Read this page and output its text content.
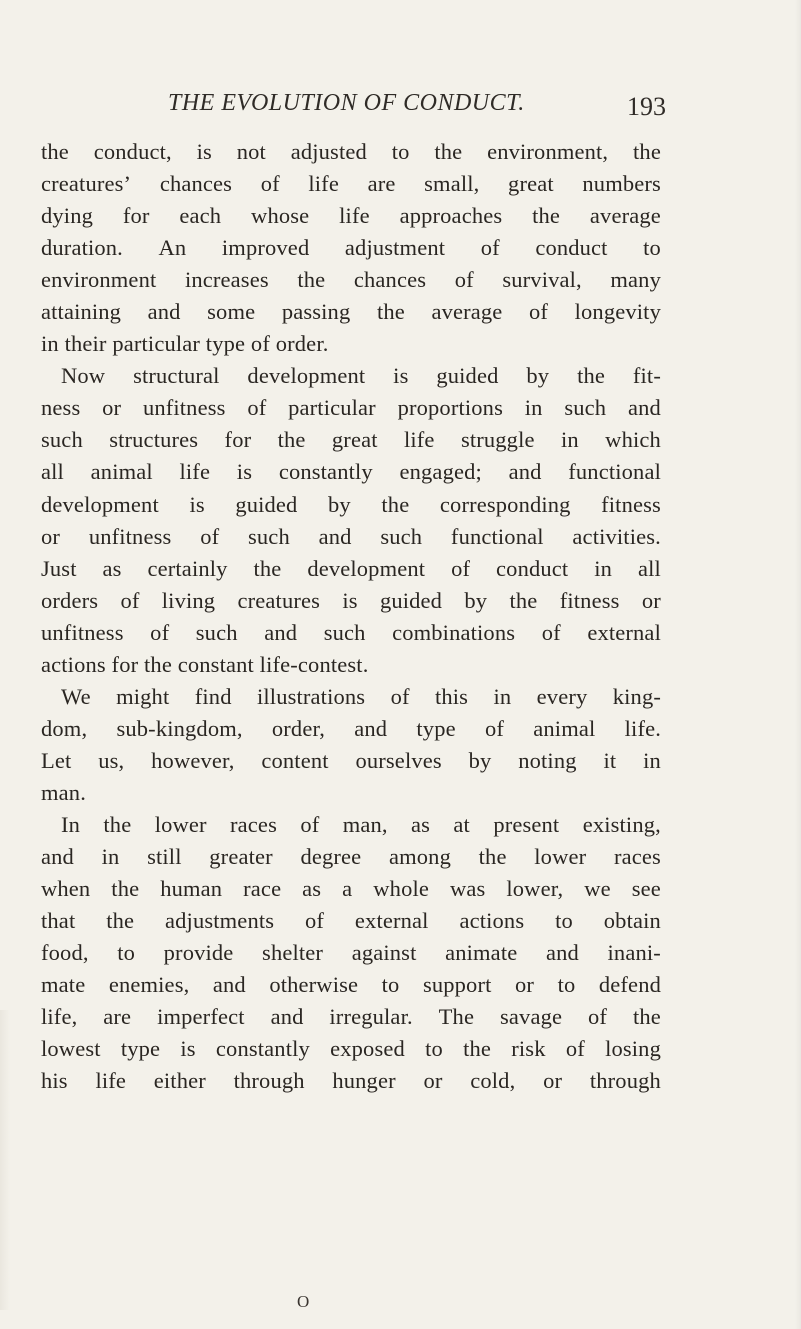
THE EVOLUTION OF CONDUCT.	193
the conduct, is not adjusted to the environment, the
creatures’ chances of life are small, great numbers
dying for each whose life approaches the average
duration. An improved adjustment of conduct to
environment increases the chances of survival, many
attaining and some passing the average of longevity
in their particular type of order.
Now structural development is guided by the fit-
ness or unfitness of particular proportions in such and
such structures for the great life struggle in which
all animal life is constantly engaged; and functional
development is guided by the corresponding fitness
or unfitness of such and such functional activities.
Just as certainly the development of conduct in all
orders of living creatures is guided by the fitness or
unfitness of such and such combinations of external
actions for the constant life-contest.
We might find illustrations of this in every king-
dom, sub-kingdom, order, and type of animal life.
Let us, however, content ourselves by noting it in
man.
In the lower races of man, as at present existing,
and in still greater degree among the lower races
when the human race as a whole was lower, we see
that the adjustments of external actions to obtain
food, to provide shelter against animate and inani-
mate enemies, and otherwise to support or to defend
life, are imperfect and irregular. The savage of the
lowest type is constantly exposed to the risk of losing
his life either through hunger or cold, or through
O
